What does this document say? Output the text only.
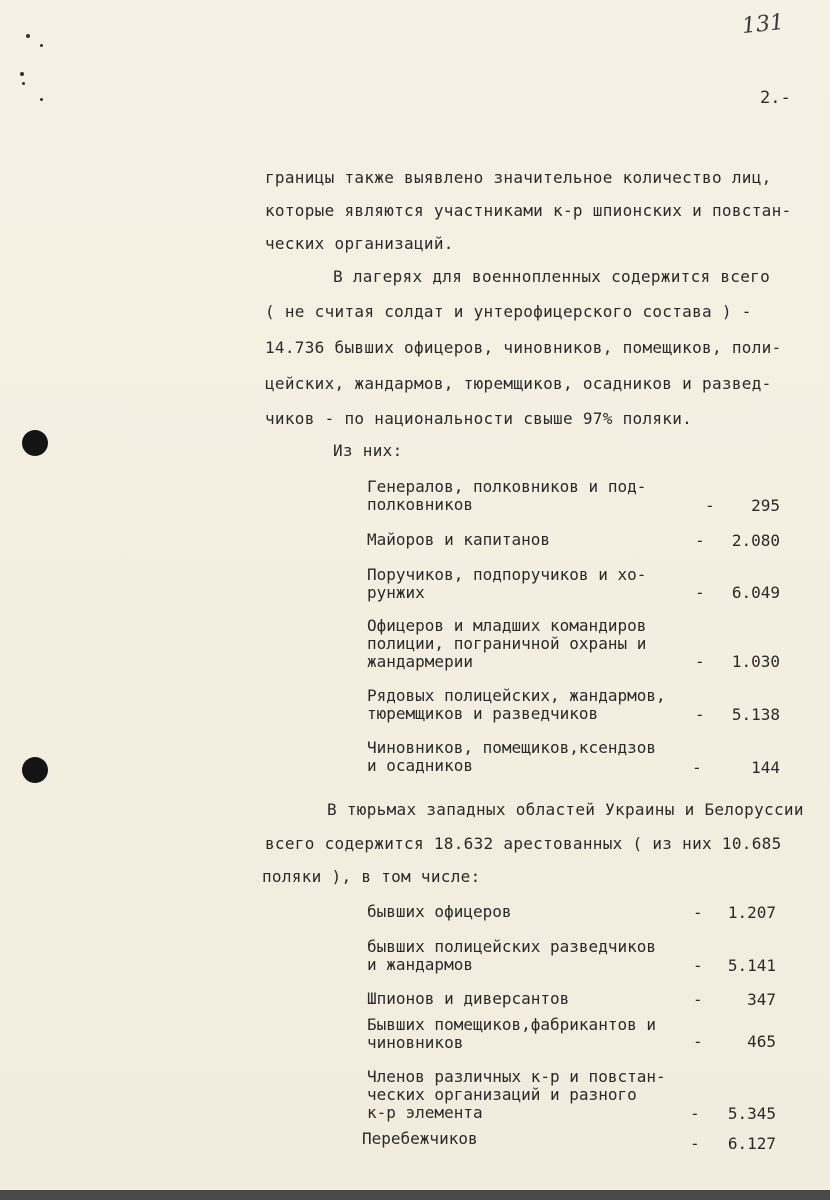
131
2.-
границы также выявлено значительное количество лиц,
которые являются участниками к-р шпионских и повстан-
ческих организаций.
В лагерях для военнопленных содержится всего
( не считая солдат и унтерофицерского состава ) -
14.736 бывших офицеров, чиновников, помещиков, поли-
цейских, жандармов, тюремщиков, осадников и развед-
чиков - по национальности свыше 97% поляки.
Из них:
Генералов, полковников и под-
полковников	-	295
Майоров и капитанов	-	2.080
Поручиков, подпоручиков и хо-
рунжих	-	6.049
Офицеров и младших командиров
полиции, пограничной охраны и
жандармерии	-	1.030
Рядовых полицейских, жандармов,
тюремщиков и разведчиков	-	5.138
Чиновников, помещиков,ксендзов
и осадников	-	144
В тюрьмах западных областей Украины и Белоруссии
всего содержится 18.632 арестованных ( из них 10.685
поляки ), в том числе:
бывших офицеров	-	1.207
бывших полицейских разведчиков
и жандармов	-	5.141
Шпионов и диверсантов	-	347
Бывших помещиков,фабрикантов и
чиновников	-	465
Членов различных к-р и повстан-
ческих организаций и разного
к-р элемента	-	5.345
Перебежчиков	-	6.127
